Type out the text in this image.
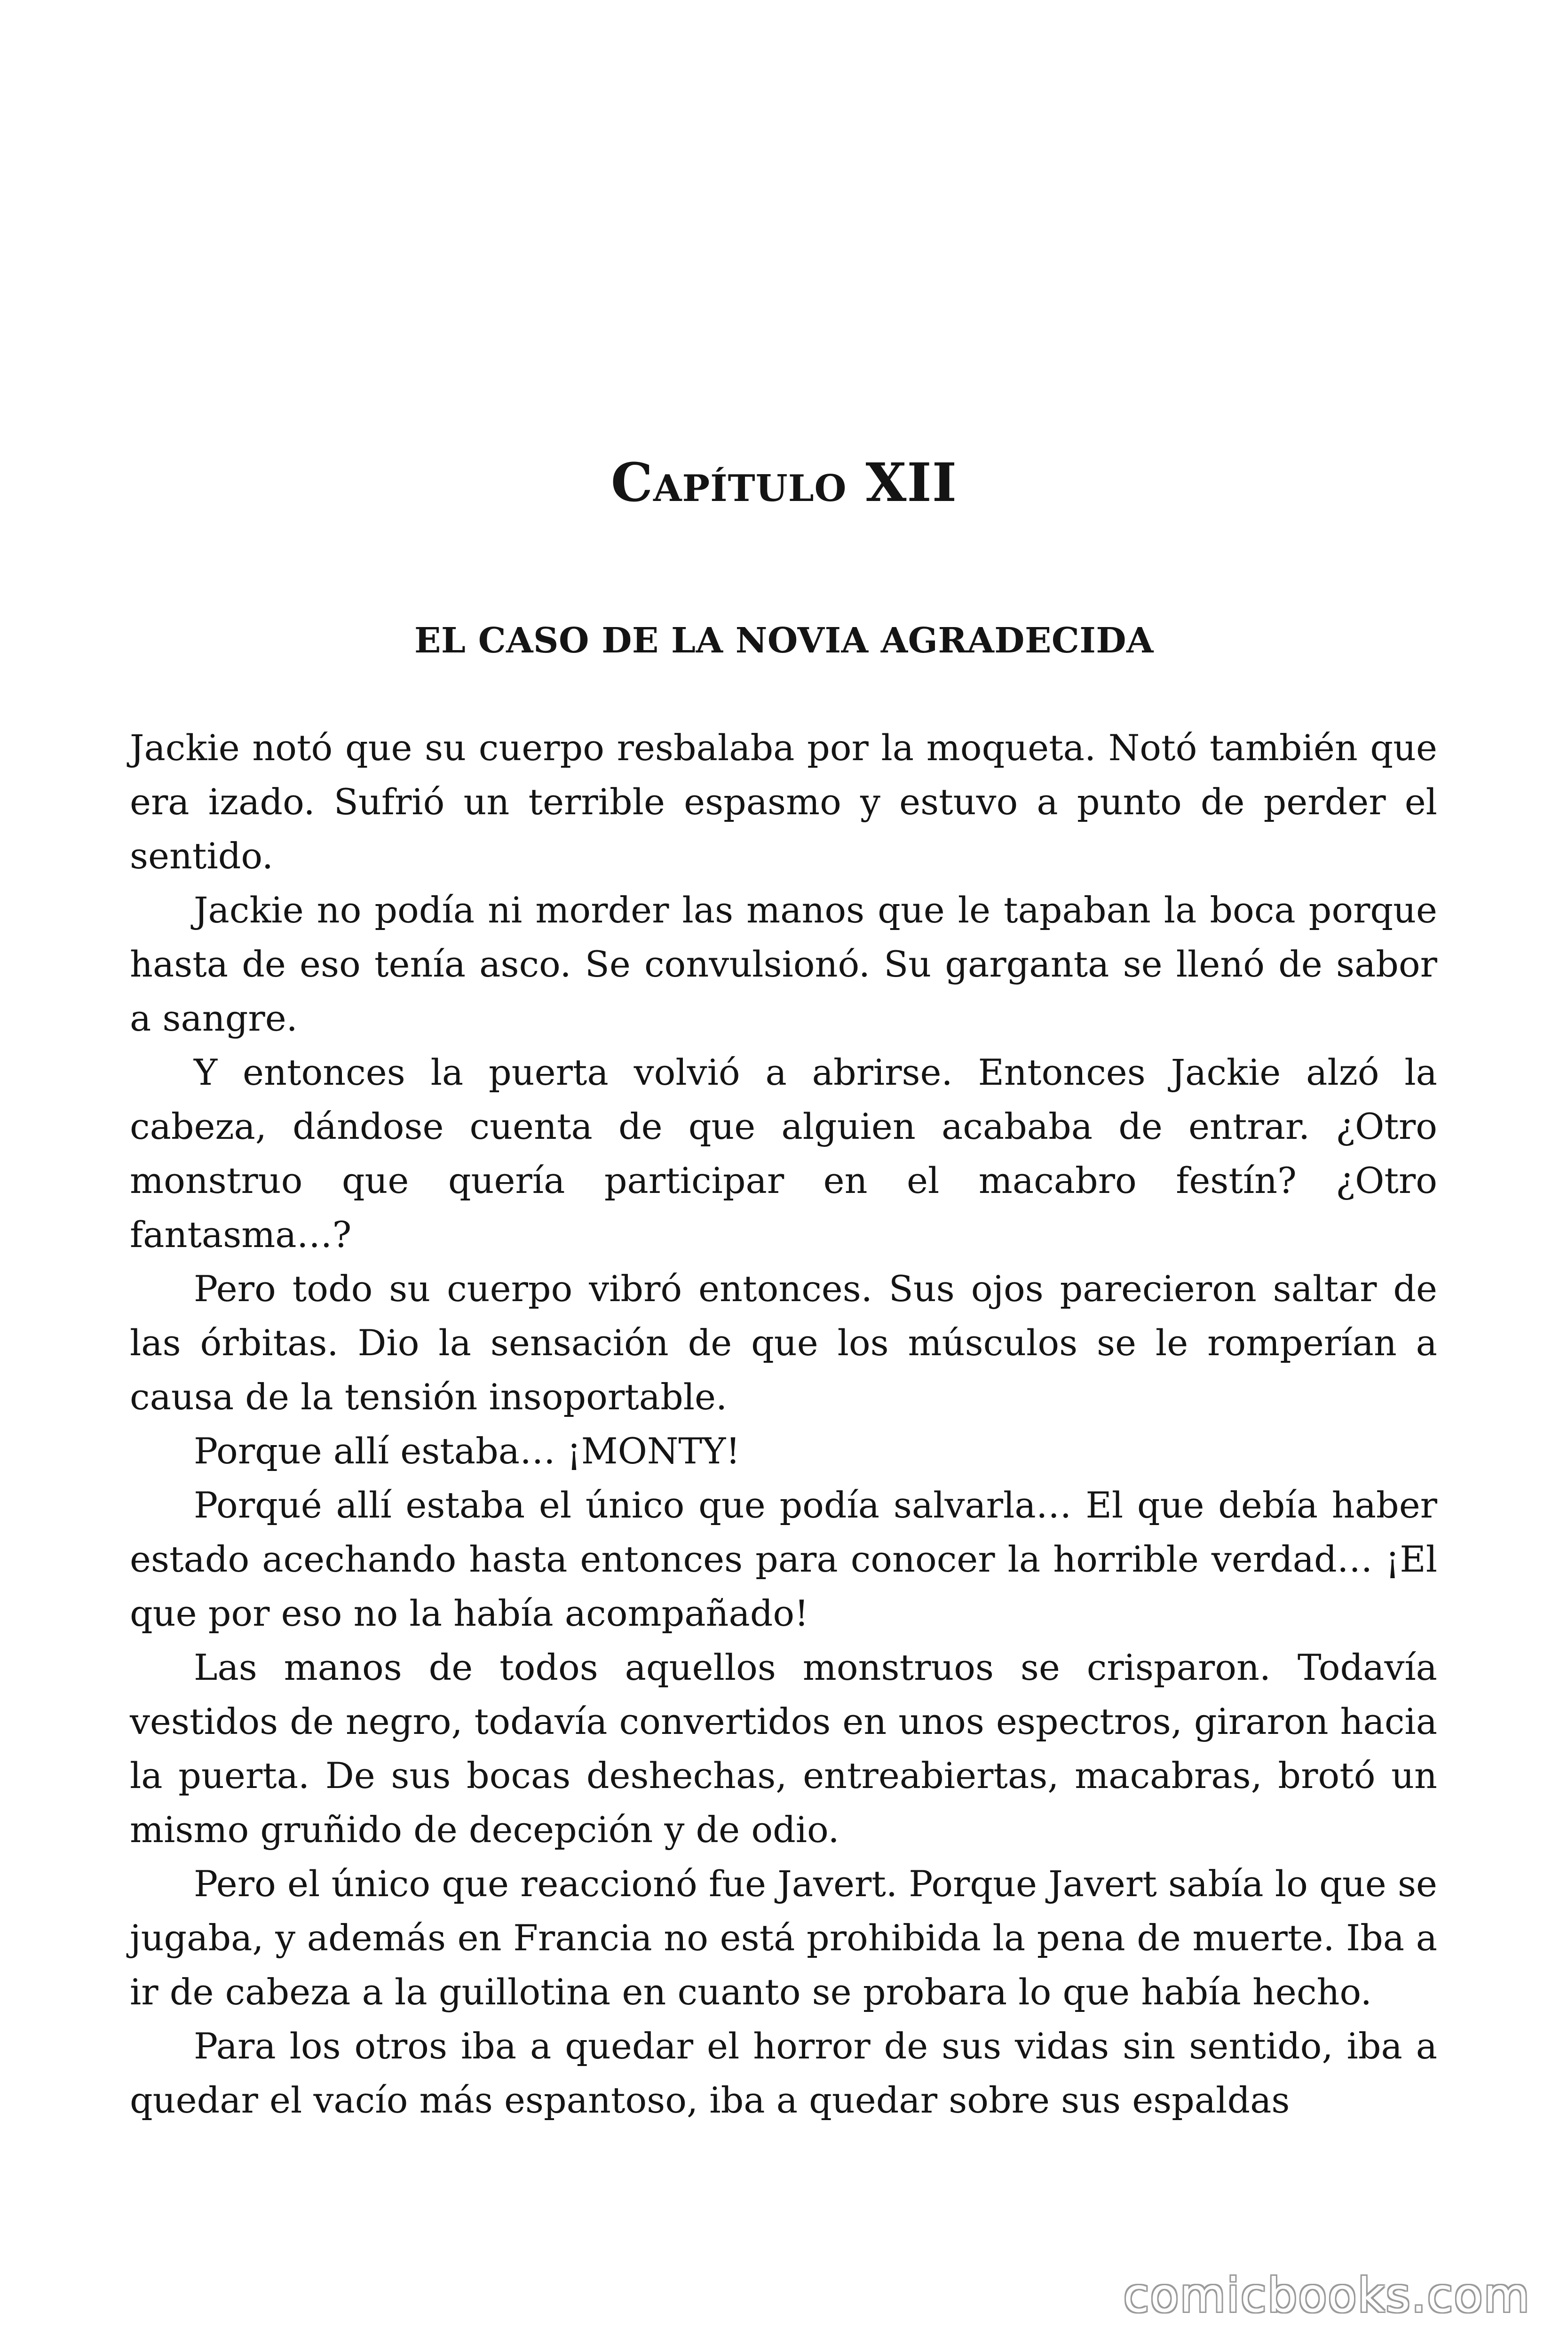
Capítulo XII
EL CASO DE LA NOVIA AGRADECIDA

Jackie notó que su cuerpo resbalaba por la moqueta. Notó también que era izado. Sufrió un terrible espasmo y estuvo a punto de perder el sentido.

Jackie no podía ni morder las manos que le tapaban la boca porque hasta de eso tenía asco. Se convulsionó. Su garganta se llenó de sabor a sangre.

Y entonces la puerta volvió a abrirse. Entonces Jackie alzó la cabeza, dándose cuenta de que alguien acababa de entrar. ¿Otro monstruo que quería participar en el macabro festín? ¿Otro fantasma…?

Pero todo su cuerpo vibró entonces. Sus ojos parecieron saltar de las órbitas. Dio la sensación de que los músculos se le romperían a causa de la tensión insoportable.

Porque allí estaba… ¡MONTY!

Porqué allí estaba el único que podía salvarla… El que debía haber estado acechando hasta entonces para conocer la horrible verdad… ¡El que por eso no la había acompañado!

Las manos de todos aquellos monstruos se crisparon. Todavía vestidos de negro, todavía convertidos en unos espectros, giraron hacia la puerta. De sus bocas deshechas, entreabiertas, macabras, brotó un mismo gruñido de decepción y de odio.

Pero el único que reaccionó fue Javert. Porque Javert sabía lo que se jugaba, y además en Francia no está prohibida la pena de muerte. Iba a ir de cabeza a la guillotina en cuanto se probara lo que había hecho.

Para los otros iba a quedar el horror de sus vidas sin sentido, iba a quedar el vacío más espantoso, iba a quedar sobre sus espaldas

comicbooks.com
